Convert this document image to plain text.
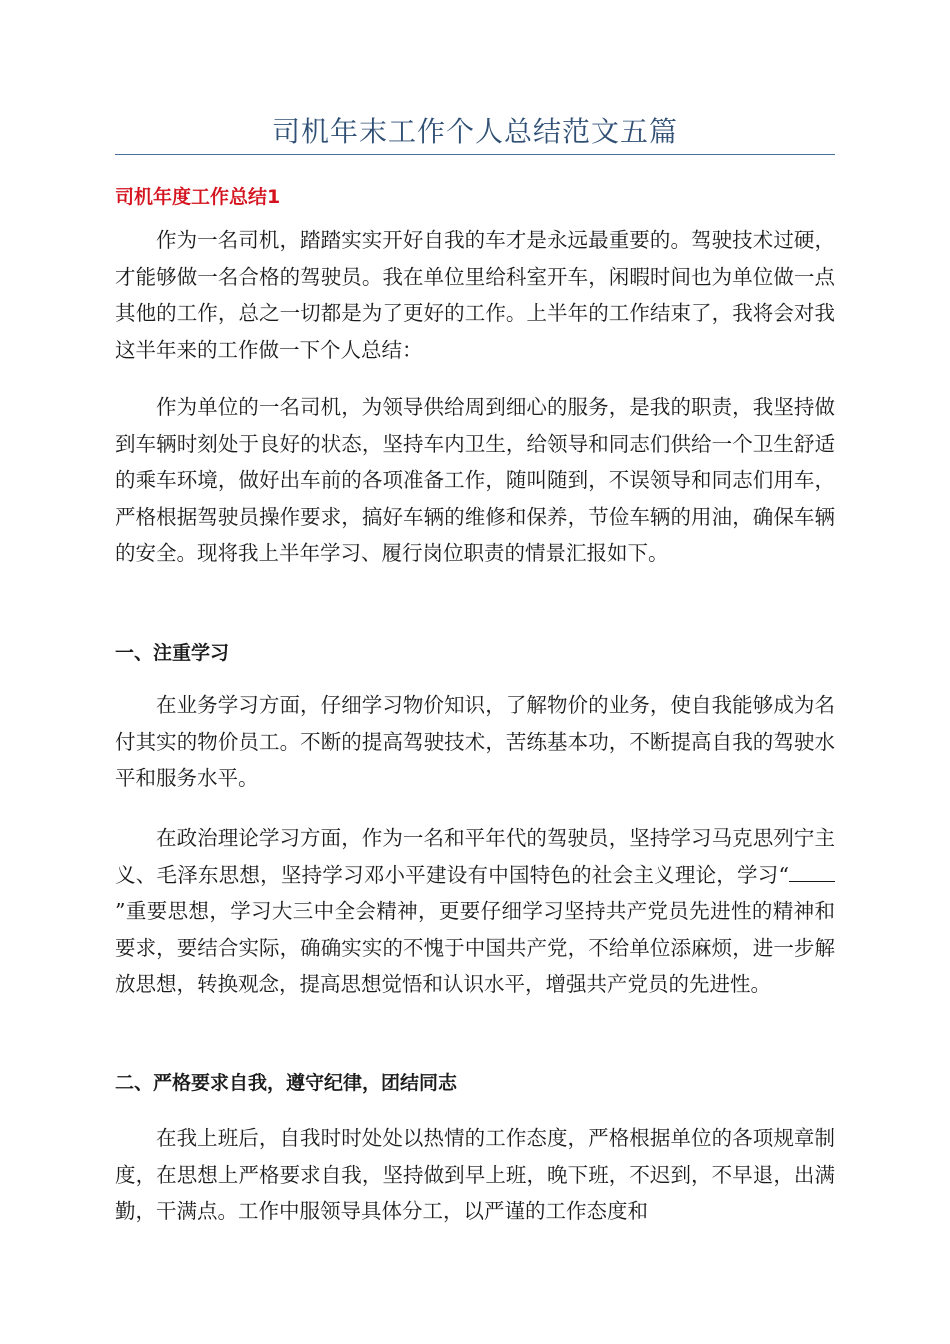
司机年末工作个人总结范文五篇
司机年度工作总结1

作为一名司机，踏踏实实开好自我的车才是永远最重要的。驾驶技术过硬，才能够做一名合格的驾驶员。我在单位里给科室开车，闲暇时间也为单位做一点其他的工作，总之一切都是为了更好的工作。上半年的工作结束了，我将会对我这半年来的工作做一下个人总结：

作为单位的一名司机，为领导供给周到细心的服务，是我的职责，我坚持做到车辆时刻处于良好的状态，坚持车内卫生，给领导和同志们供给一个卫生舒适的乘车环境，做好出车前的各项准备工作，随叫随到，不误领导和同志们用车，严格根据驾驶员操作要求，搞好车辆的维修和保养，节俭车辆的用油，确保车辆的安全。现将我上半年学习、履行岗位职责的情景汇报如下。

一、注重学习

在业务学习方面，仔细学习物价知识，了解物价的业务，使自我能够成为名付其实的物价员工。不断的提高驾驶技术，苦练基本功，不断提高自我的驾驶水平和服务水平。

在政治理论学习方面，作为一名和平年代的驾驶员，坚持学习马克思列宁主义、毛泽东思想，坚持学习邓小平建设有中国特色的社会主义理论，学习“”重要思想，学习大三中全会精神，更要仔细学习坚持共产党员先进性的精神和要求，要结合实际，确确实实的不愧于中国共产党，不给单位添麻烦，进一步解放思想，转换观念，提高思想觉悟和认识水平，增强共产党员的先进性。

二、严格要求自我，遵守纪律，团结同志

在我上班后，自我时时处处以热情的工作态度，严格根据单位的各项规章制度，在思想上严格要求自我，坚持做到早上班，晚下班，不迟到，不早退，出满勤，干满点。工作中服领导具体分工，以严谨的工作态度和
